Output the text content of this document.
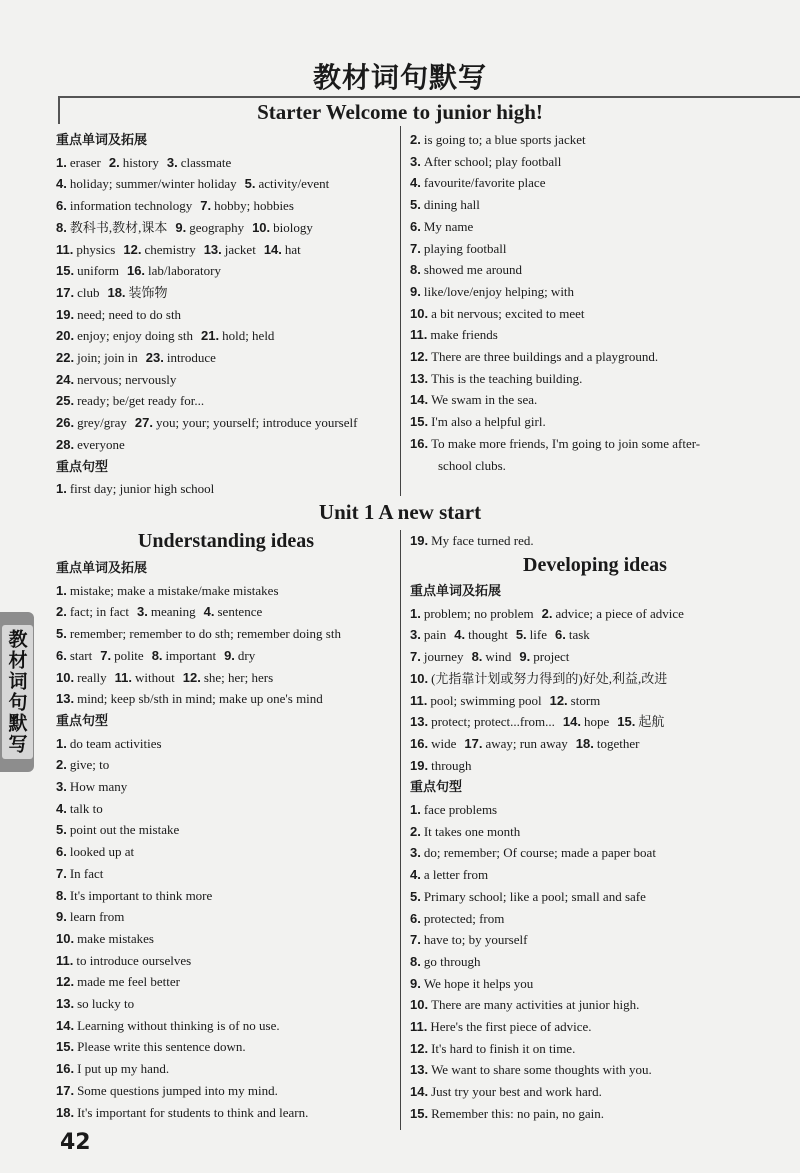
教材词句默写
教材词句默写
Starter Welcome to junior high!
重点单词及拓展
1. eraser 2. history 3. classmate
4. holiday; summer/winter holiday 5. activity/event
6. information technology 7. hobby; hobbies
8. 教科书,教材,课本 9. geography 10. biology
11. physics 12. chemistry 13. jacket 14. hat
15. uniform 16. lab/laboratory
17. club 18. 装饰物
19. need; need to do sth
20. enjoy; enjoy doing sth 21. hold; held
22. join; join in 23. introduce
24. nervous; nervously
25. ready; be/get ready for...
26. grey/gray 27. you; your; yourself; introduce yourself
28. everyone
重点句型
1. first day; junior high school
2. is going to; a blue sports jacket
3. After school; play football
4. favourite/favorite place
5. dining hall
6. My name
7. playing football
8. showed me around
9. like/love/enjoy helping; with
10. a bit nervous; excited to meet
11. make friends
12. There are three buildings and a playground.
13. This is the teaching building.
14. We swam in the sea.
15. I'm also a helpful girl.
16. To make more friends, I'm going to join some after-
school clubs.
Unit 1 A new start
Understanding ideas	19. My face turned red.
Developing ideas
重点单词及拓展
1. mistake; make a mistake/make mistakes
2. fact; in fact 3. meaning 4. sentence
5. remember; remember to do sth; remember doing sth
6. start 7. polite 8. important 9. dry
10. really 11. without 12. she; her; hers
13. mind; keep sb/sth in mind; make up one's mind
重点句型
1. do team activities
2. give; to
3. How many
4. talk to
5. point out the mistake
6. looked up at
7. In fact
8. It's important to think more
9. learn from
10. make mistakes
11. to introduce ourselves
12. made me feel better
13. so lucky to
14. Learning without thinking is of no use.
15. Please write this sentence down.
16. I put up my hand.
17. Some questions jumped into my mind.
18. It's important for students to think and learn.
重点单词及拓展
1. problem; no problem 2. advice; a piece of advice
3. pain 4. thought 5. life 6. task
7. journey 8. wind 9. project
10. (尤指靠计划或努力得到的)好处,利益,改进
11. pool; swimming pool 12. storm
13. protect; protect...from... 14. hope 15. 起航
16. wide 17. away; run away 18. together
19. through
重点句型
1. face problems
2. It takes one month
3. do; remember; Of course; made a paper boat
4. a letter from
5. Primary school; like a pool; small and safe
6. protected; from
7. have to; by yourself
8. go through
9. We hope it helps you
10. There are many activities at junior high.
11. Here's the first piece of advice.
12. It's hard to finish it on time.
13. We want to share some thoughts with you.
14. Just try your best and work hard.
15. Remember this: no pain, no gain.
42
